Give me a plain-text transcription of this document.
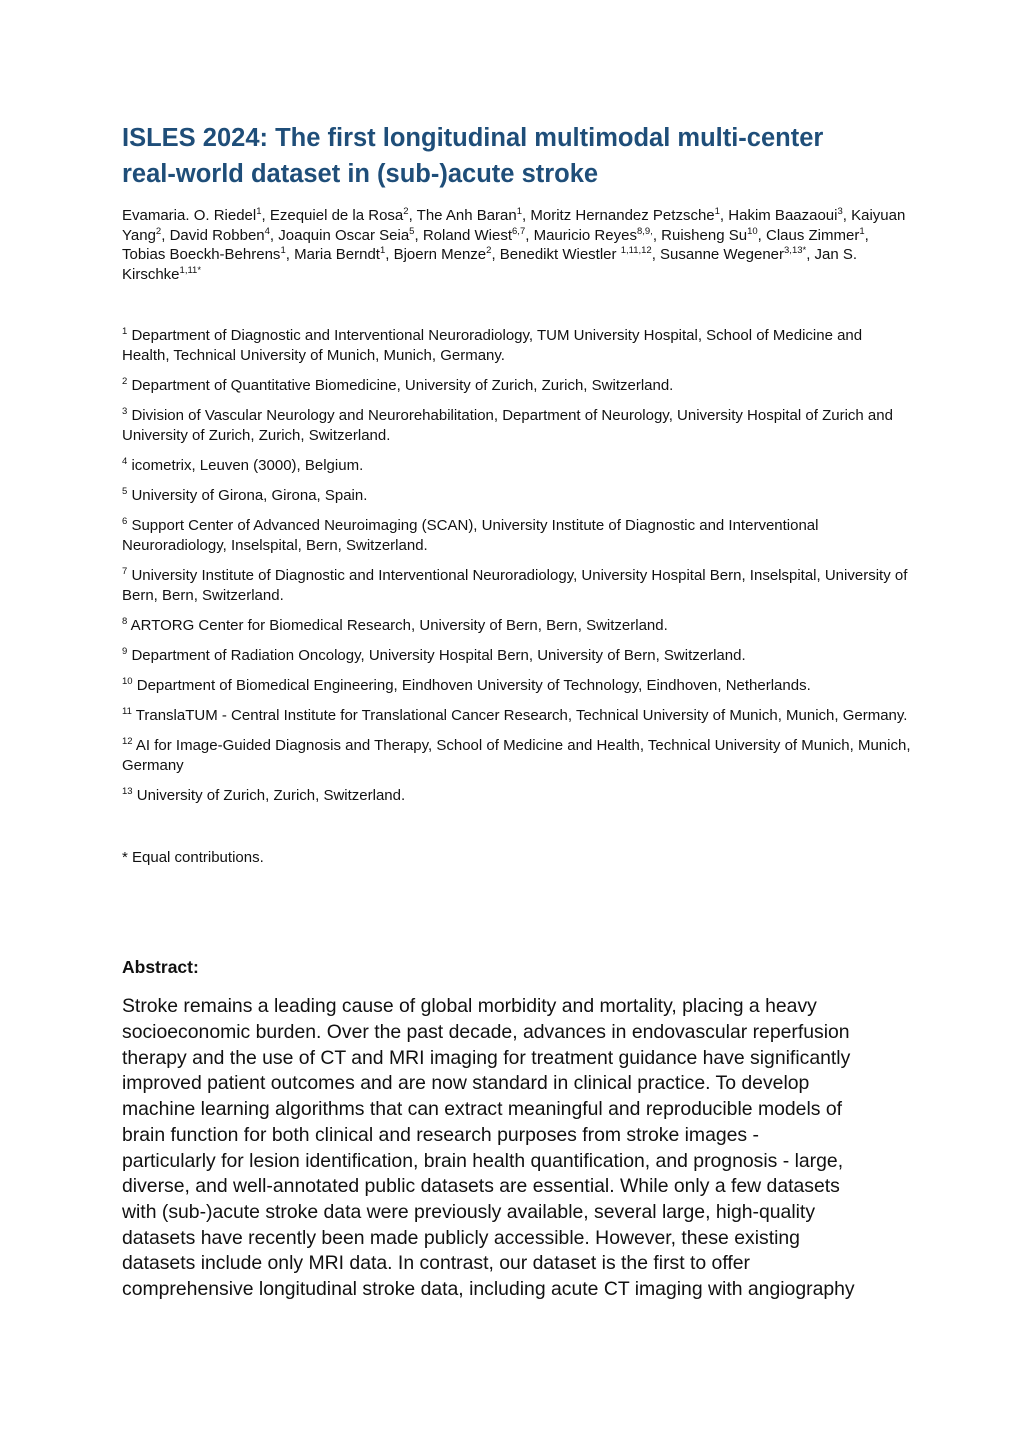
ISLES 2024: The first longitudinal multimodal multi-center
real-world dataset in (sub-)acute stroke
Evamaria. O. Riedel$^1$, Ezequiel de la Rosa$^2$, The Anh Baran$^1$, Moritz Hernandez Petzsche$^1$, Hakim Baazaoui$^3$, Kaiyuan Yang$^2$, David Robben$^4$, Joaquin Oscar Seia$^5$, Roland Wiest$^{6,7}$, Mauricio Reyes$^{8,9,}$, Ruisheng Su$^{10}$, Claus Zimmer$^1$, Tobias Boeckh-Behrens$^1$, Maria Berndt$^1$, Bjoern Menze$^2$, Benedikt Wiestler $^{1,11,12}$, Susanne Wegener$^{3,13*}$, Jan S. Kirschke$^{1,11*}$

$^1$ Department of Diagnostic and Interventional Neuroradiology, TUM University Hospital, School of Medicine and Health, Technical University of Munich, Munich, Germany.

$^2$ Department of Quantitative Biomedicine, University of Zurich, Zurich, Switzerland.

$^3$ Division of Vascular Neurology and Neurorehabilitation, Department of Neurology, University Hospital of Zurich and University of Zurich, Zurich, Switzerland.

$^4$ icometrix, Leuven (3000), Belgium.

$^5$ University of Girona, Girona, Spain.

$^6$ Support Center of Advanced Neuroimaging (SCAN), University Institute of Diagnostic and Interventional Neuroradiology, Inselspital, Bern, Switzerland.

$^7$ University Institute of Diagnostic and Interventional Neuroradiology, University Hospital Bern, Inselspital, University of Bern, Bern, Switzerland.

$^8$ ARTORG Center for Biomedical Research, University of Bern, Bern, Switzerland.

$^9$ Department of Radiation Oncology, University Hospital Bern, University of Bern, Switzerland.

$^{10}$ Department of Biomedical Engineering, Eindhoven University of Technology, Eindhoven, Netherlands.

$^{11}$ TranslaTUM - Central Institute for Translational Cancer Research, Technical University of Munich, Munich, Germany.

$^{12}$ AI for Image-Guided Diagnosis and Therapy, School of Medicine and Health, Technical University of Munich, Munich, Germany

$^{13}$ University of Zurich, Zurich, Switzerland.

* Equal contributions.
Abstract:
Stroke remains a leading cause of global morbidity and mortality, placing a heavy
socioeconomic burden. Over the past decade, advances in endovascular reperfusion
therapy and the use of CT and MRI imaging for treatment guidance have significantly
improved patient outcomes and are now standard in clinical practice. To develop
machine learning algorithms that can extract meaningful and reproducible models of
brain function for both clinical and research purposes from stroke images -
particularly for lesion identification, brain health quantification, and prognosis - large,
diverse, and well-annotated public datasets are essential. While only a few datasets
with (sub-)acute stroke data were previously available, several large, high-quality
datasets have recently been made publicly accessible. However, these existing
datasets include only MRI data. In contrast, our dataset is the first to offer
comprehensive longitudinal stroke data, including acute CT imaging with angiography
